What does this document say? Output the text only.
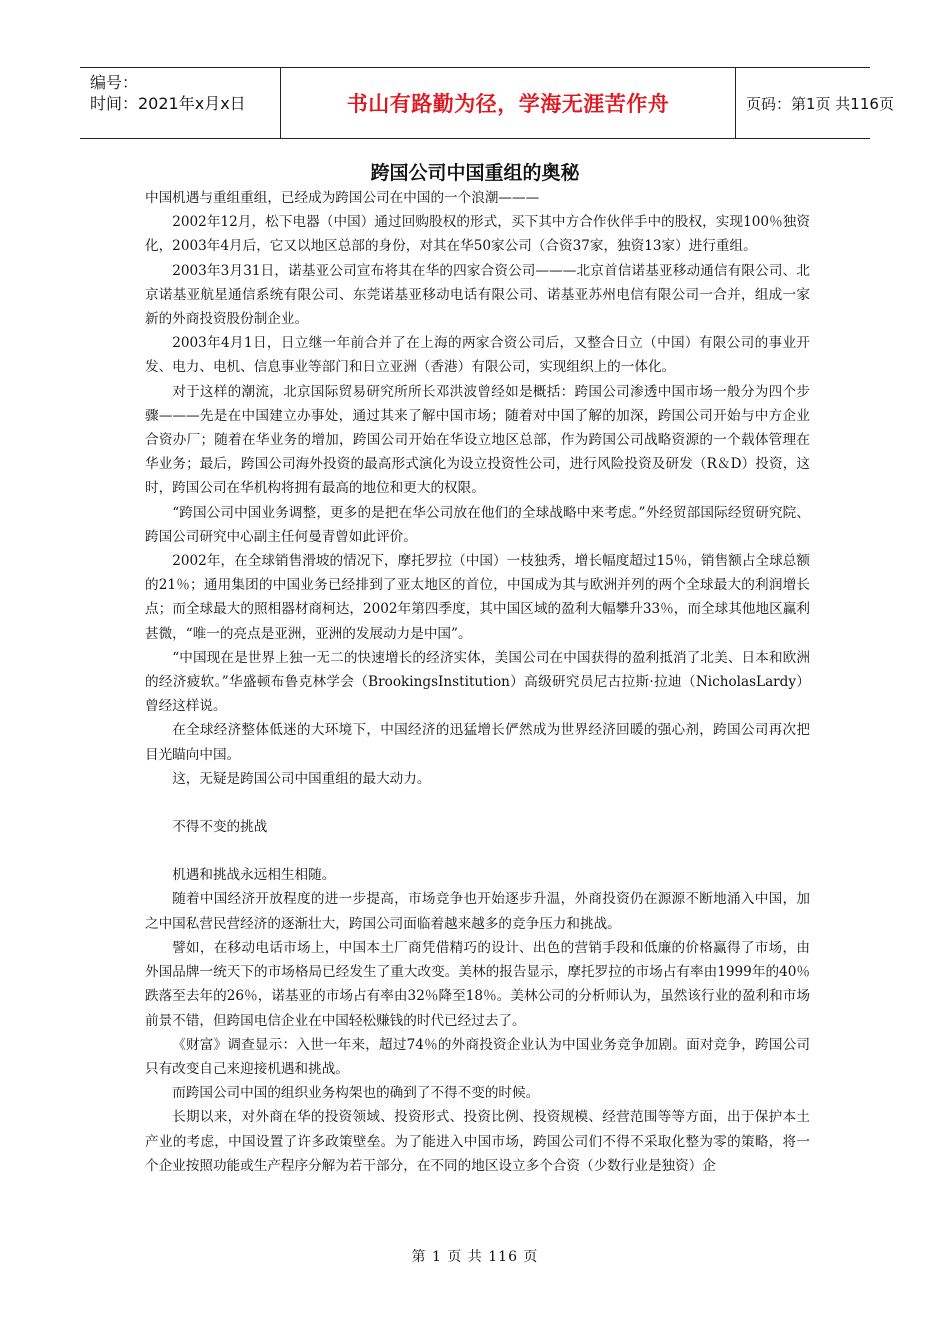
编号：
时间：2021年x月x日	书山有路勤为径，学海无涯苦作舟	页码：第1页 共116页
跨国公司中国重组的奥秘

中国机遇与重组重组，已经成为跨国公司在中国的一个浪潮———

2002年12月，松下电器（中国）通过回购股权的形式，买下其中方合作伙伴手中的股权，实现100％独资化，2003年4月后，它又以地区总部的身份，对其在华50家公司（合资37家，独资13家）进行重组。

2003年3月31日，诺基亚公司宣布将其在华的四家合资公司———北京首信诺基亚移动通信有限公司、北京诺基亚航星通信系统有限公司、东莞诺基亚移动电话有限公司、诺基亚苏州电信有限公司一合并，组成一家新的外商投资股份制企业。

2003年4月1日，日立继一年前合并了在上海的两家合资公司后，又整合日立（中国）有限公司的事业开发、电力、电机、信息事业等部门和日立亚洲（香港）有限公司，实现组织上的一体化。

对于这样的潮流，北京国际贸易研究所所长邓洪波曾经如是概括：跨国公司渗透中国市场一般分为四个步骤———先是在中国建立办事处，通过其来了解中国市场；随着对中国了解的加深，跨国公司开始与中方企业合资办厂；随着在华业务的增加，跨国公司开始在华设立地区总部，作为跨国公司战略资源的一个载体管理在华业务；最后，跨国公司海外投资的最高形式演化为设立投资性公司，进行风险投资及研发（R＆D）投资，这时，跨国公司在华机构将拥有最高的地位和更大的权限。

“跨国公司中国业务调整，更多的是把在华公司放在他们的全球战略中来考虑。”外经贸部国际经贸研究院、跨国公司研究中心副主任何曼青曾如此评价。

2002年，在全球销售滑坡的情况下，摩托罗拉（中国）一枝独秀，增长幅度超过15％，销售额占全球总额的21％；通用集团的中国业务已经排到了亚太地区的首位，中国成为其与欧洲并列的两个全球最大的利润增长点；而全球最大的照相器材商柯达，2002年第四季度，其中国区域的盈利大幅攀升33％，而全球其他地区赢利甚微，“唯一的亮点是亚洲，亚洲的发展动力是中国”。

“中国现在是世界上独一无二的快速增长的经济实体，美国公司在中国获得的盈利抵消了北美、日本和欧洲的经济疲软。”华盛顿布鲁克林学会（BrookingsInstitution）高级研究员尼古拉斯·拉迪（NicholasLardy）曾经这样说。

在全球经济整体低迷的大环境下，中国经济的迅猛增长俨然成为世界经济回暖的强心剂，跨国公司再次把目光瞄向中国。

这，无疑是跨国公司中国重组的最大动力。

不得不变的挑战

机遇和挑战永远相生相随。

随着中国经济开放程度的进一步提高，市场竞争也开始逐步升温，外商投资仍在源源不断地涌入中国，加之中国私营民营经济的逐渐壮大，跨国公司面临着越来越多的竞争压力和挑战。

譬如，在移动电话市场上，中国本土厂商凭借精巧的设计、出色的营销手段和低廉的价格赢得了市场，由外国品牌一统天下的市场格局已经发生了重大改变。美林的报告显示，摩托罗拉的市场占有率由1999年的40％跌落至去年的26％，诺基亚的市场占有率由32％降至18％。美林公司的分析师认为，虽然该行业的盈利和市场前景不错，但跨国电信企业在中国轻松赚钱的时代已经过去了。

《财富》调查显示：入世一年来，超过74％的外商投资企业认为中国业务竞争加剧。面对竞争，跨国公司只有改变自己来迎接机遇和挑战。

而跨国公司中国的组织业务构架也的确到了不得不变的时候。

长期以来，对外商在华的投资领域、投资形式、投资比例、投资规模、经营范围等等方面，出于保护本土产业的考虑，中国设置了许多政策壁垒。为了能进入中国市场，跨国公司们不得不采取化整为零的策略，将一个企业按照功能或生产程序分解为若干部分，在不同的地区设立多个合资（少数行业是独资）企

第 1 页 共 116 页
